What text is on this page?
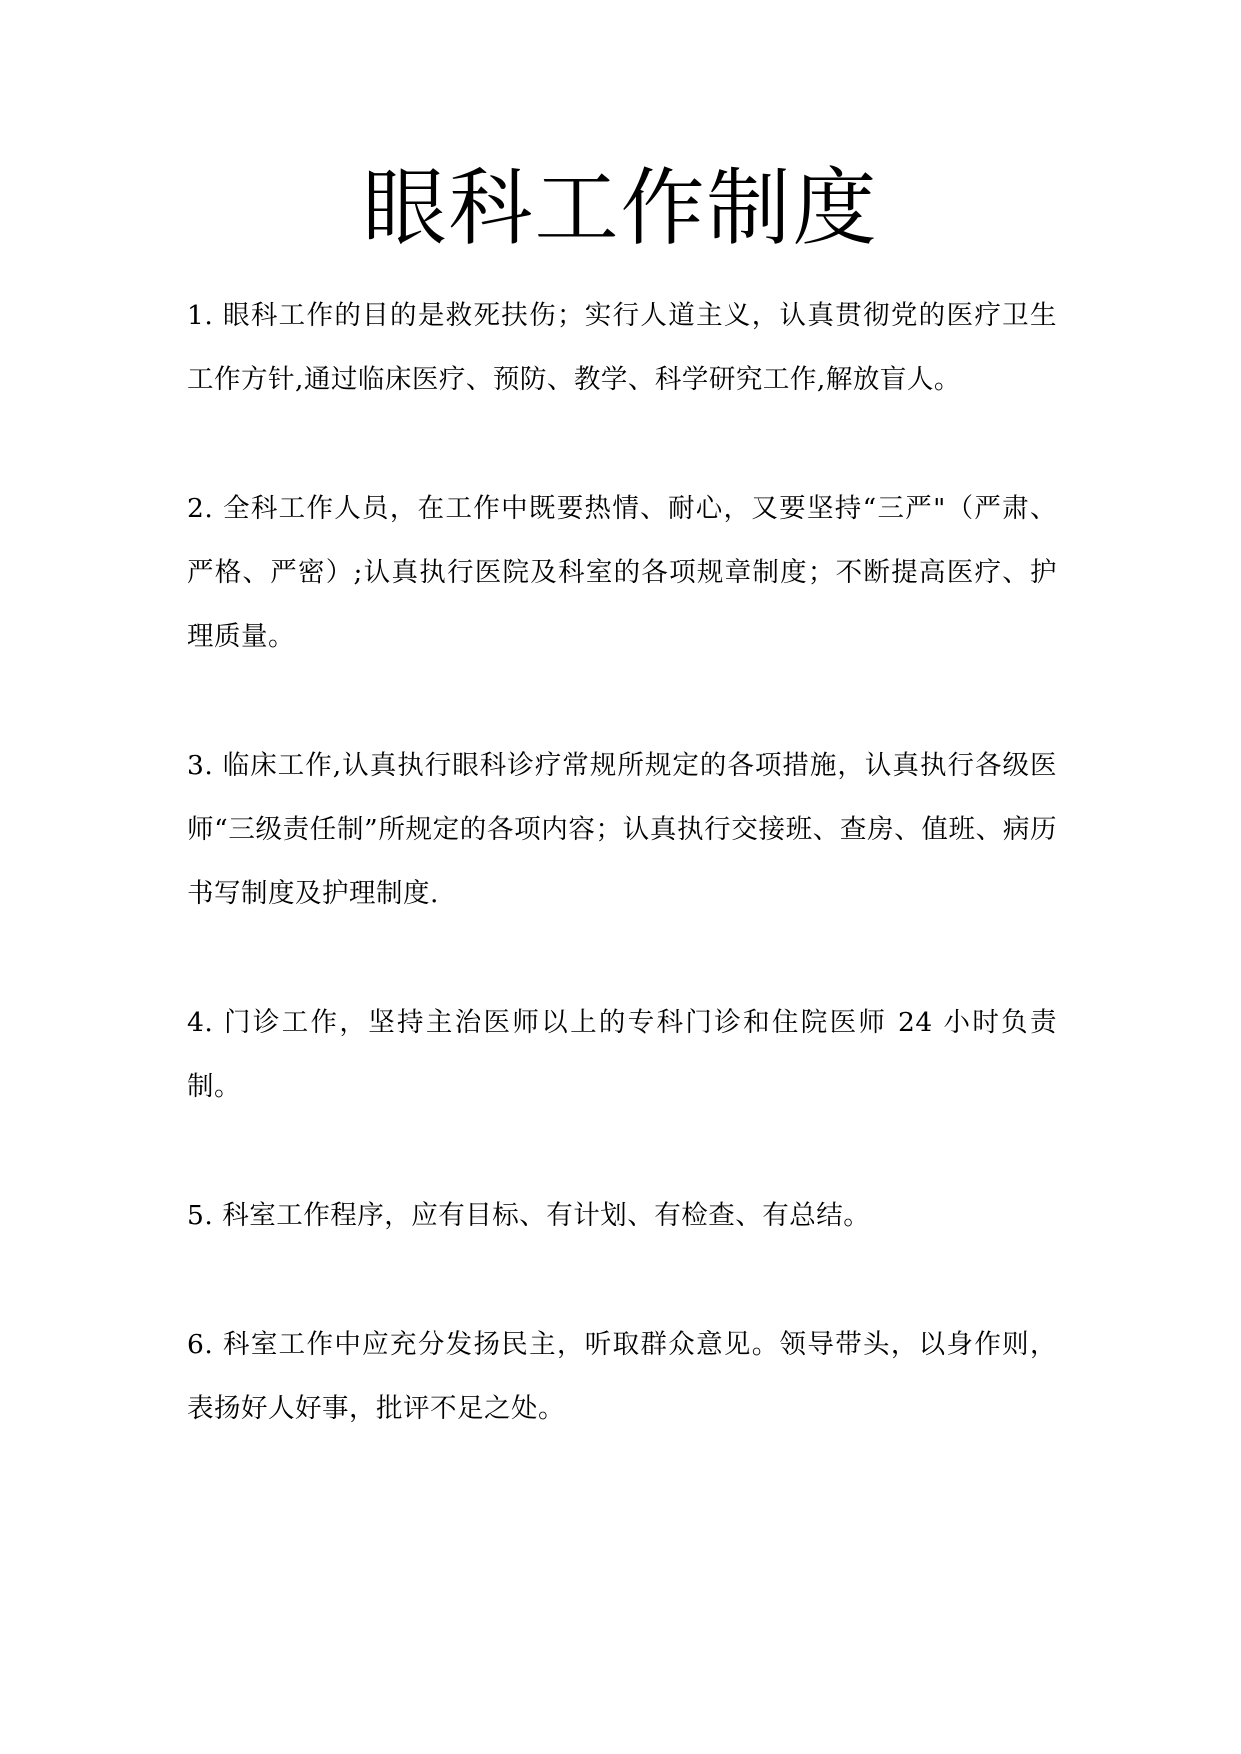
眼科工作制度

1. 眼科工作的目的是救死扶伤；实行人道主义，认真贯彻党的医疗卫生工作方针,通过临床医疗、预防、教学、科学研究工作,解放盲人。

2. 全科工作人员，在工作中既要热情、耐心，又要坚持“三严"（严肃、严格、严密）;认真执行医院及科室的各项规章制度；不断提高医疗、护理质量。

3. 临床工作,认真执行眼科诊疗常规所规定的各项措施，认真执行各级医师“三级责任制”所规定的各项内容；认真执行交接班、查房、值班、病历书写制度及护理制度.

4. 门诊工作，坚持主治医师以上的专科门诊和住院医师 24 小时负责制。

5. 科室工作程序，应有目标、有计划、有检查、有总结。

6. 科室工作中应充分发扬民主，听取群众意见。领导带头，以身作则，表扬好人好事，批评不足之处。
